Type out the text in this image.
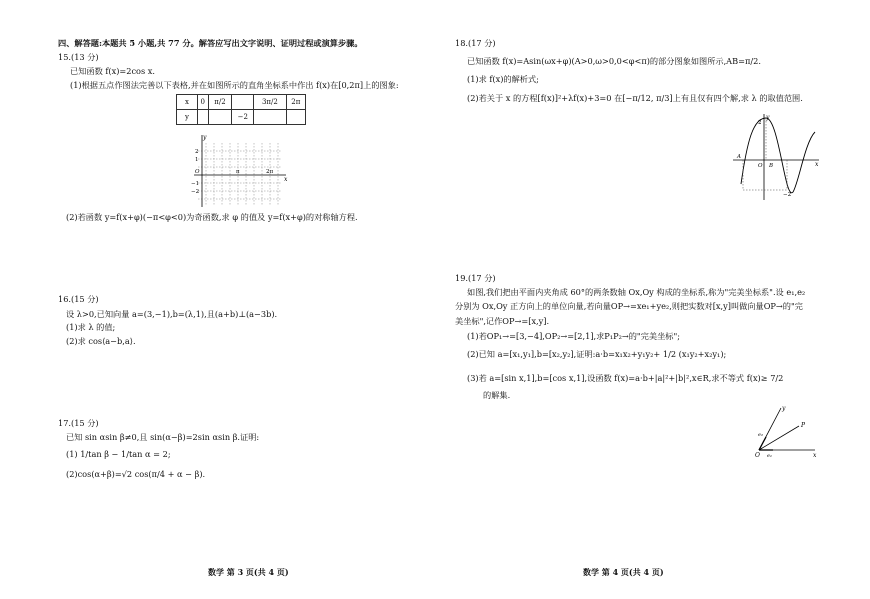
四、解答题:本题共 5 小题,共 77 分。解答应写出文字说明、证明过程或演算步骤。
15.(13 分)
已知函数 f(x)=2cos x.
(1)根据五点作图法完善以下表格,并在如图所示的直角坐标系中作出 f(x)在[0,2π]上的图象:
x	0	π/2		3π/2	2π
y			−2		
y
x
2
1
O
−1
−2
π	2π
(2)若函数 y=f(x+φ)(−π<φ<0)为奇函数,求 φ 的值及 y=f(x+φ)的对称轴方程.
16.(15 分)
设 λ>0,已知向量 a=(3,−1),b=(λ,1),且(a+b)⊥(a−3b).
(1)求 λ 的值;
(2)求 cos⟨a−b,a⟩.
17.(15 分)
已知 sin αsin β≠0,且 sin(α−β)=2sin αsin β.证明:
(1) 1/tan β − 1/tan α = 2;
(2)cos(α+β)=√2 cos(π/4 + α − β).
数学 第 3 页(共 4 页)
18.(17 分)
已知函数 f(x)=Asin(ωx+φ)(A>0,ω>0,0<φ<π)的部分图象如图所示,AB=π/2.
(1)求 f(x)的解析式;
(2)若关于 x 的方程[f(x)]²+λf(x)+3=0 在[−π/12, π/3]上有且仅有四个解,求 λ 的取值范围.
y
x
O
A
B
2
−2
19.(17 分)
如图,我们把由平面内夹角成 60°的两条数轴 Ox,Oy 构成的坐标系,称为"完美坐标系".设 e₁,e₂
分别为 Ox,Oy 正方向上的单位向量,若向量OP→=xe₁+ye₂,则把实数对[x,y]叫做向量OP→的"完
美坐标",记作OP→=[x,y].
(1)若OP₁→=[3,−4],OP₂→=[2,1],求P₁P₂→的"完美坐标";
(2)已知 a=[x₁,y₁],b=[x₂,y₂],证明:a·b=x₁x₂+y₁y₂+ 1/2 (x₁y₂+x₂y₁);
(3)若 a=[sin x,1],b=[cos x,1],设函数 f(x)=a·b+|a|²+|b|²,x∈R,求不等式 f(x)≥ 7/2
的解集.
y
x
P
O e₁
e₂
数学 第 4 页(共 4 页)
